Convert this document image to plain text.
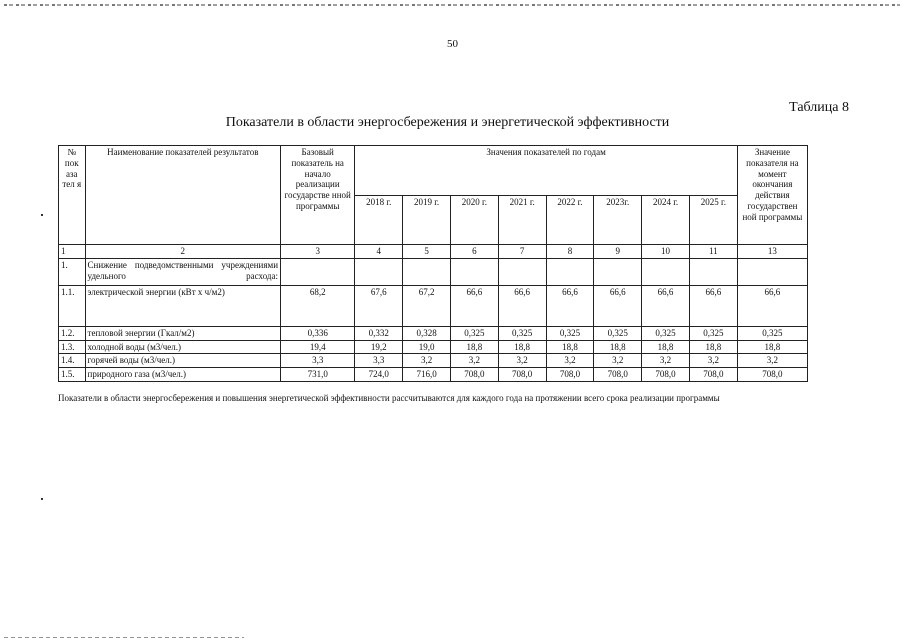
50
Таблица 8
Показатели в области энергосбережения и энергетической эффективности
№ пок аза тел я	Наименование показателей результатов	Базовый показатель на начало реализации государстве нной программы	Значения показателей по годам								Значение показателя на момент окончания действия государствен ной программы
			2018 г.	2019 г.	2020 г.	2021 г.	2022 г.	2023г.	2024 г.	2025 г.	
1	2	3	4	5	6	7	8	9	10	11	13
1.	Снижение подведомственными учреждениями удельного расхода:										
1.1.	электрической энергии (кВт х ч/м2)	68,2	67,6	67,2	66,6	66,6	66,6	66,6	66,6	66,6	66,6
1.2.	тепловой энергии (Гкал/м2)	0,336	0,332	0,328	0,325	0,325	0,325	0,325	0,325	0,325	0,325
1.3.	холодной воды (м3/чел.)	19,4	19,2	19,0	18,8	18,8	18,8	18,8	18,8	18,8	18,8
1.4.	горячей воды (м3/чел.)	3,3	3,3	3,2	3,2	3,2	3,2	3,2	3,2	3,2	3,2
1.5.	природного газа (м3/чел.)	731,0	724,0	716,0	708,0	708,0	708,0	708,0	708,0	708,0	708,0
Показатели в области энергосбережения и повышения энергетической эффективности рассчитываются для каждого года на протяжении всего срока реализации программы
